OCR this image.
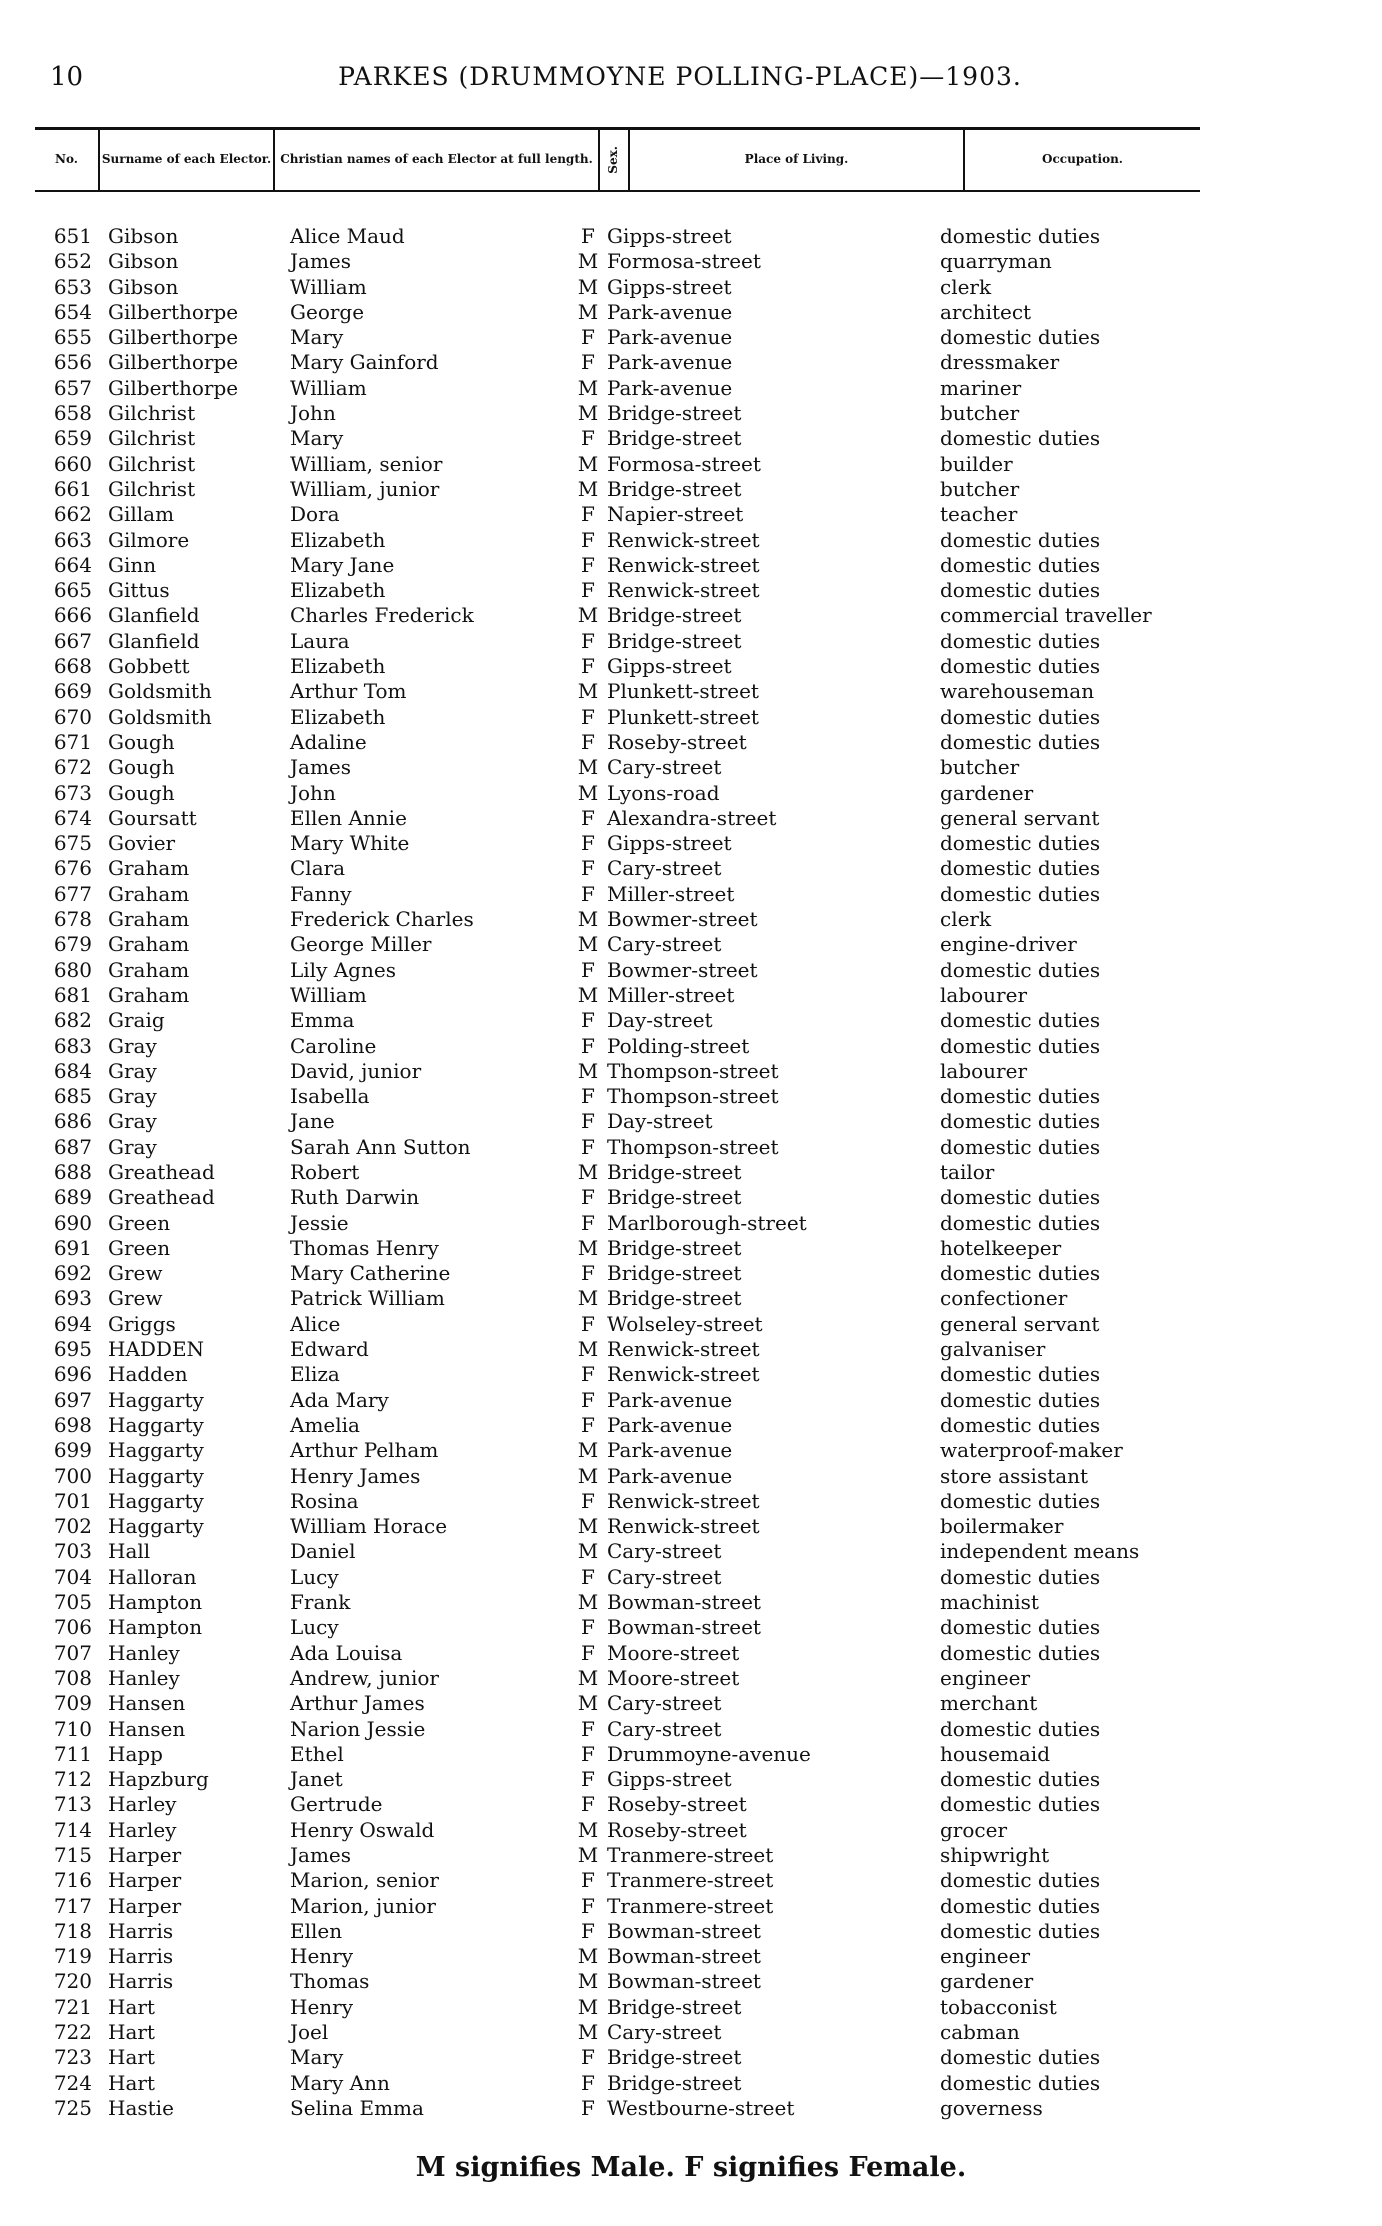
10	PARKES (DRUMMOYNE POLLING-PLACE)—1903.
No.	Surname of each Elector. Christian names of each Elector at full length.	Sex.	Place of Living.	Occupation.
651 Gibson	Alice Maud	F Gipps-street	domestic duties
652 Gibson	James	M Formosa-street	quarryman
653 Gibson	William	M Gipps-street	clerk
654 Gilberthorpe	George	M Park-avenue	architect
655 Gilberthorpe	Mary	F Park-avenue	domestic duties
656 Gilberthorpe	Mary Gainford	F Park-avenue	dressmaker
657 Gilberthorpe	William	M Park-avenue	mariner
658 Gilchrist	John	M Bridge-street	butcher
659 Gilchrist	Mary	F Bridge-street	domestic duties
660 Gilchrist	William, senior	M Formosa-street	builder
661 Gilchrist	William, junior	M Bridge-street	butcher
662 Gillam	Dora	F Napier-street	teacher
663 Gilmore	Elizabeth	F Renwick-street	domestic duties
664 Ginn	Mary Jane	F Renwick-street	domestic duties
665 Gittus	Elizabeth	F Renwick-street	domestic duties
666 Glanfield	Charles Frederick	M Bridge-street	commercial traveller
667 Glanfield	Laura	F Bridge-street	domestic duties
668 Gobbett	Elizabeth	F Gipps-street	domestic duties
669 Goldsmith	Arthur Tom	M Plunkett-street	warehouseman
670 Goldsmith	Elizabeth	F Plunkett-street	domestic duties
671 Gough	Adaline	F Roseby-street	domestic duties
672 Gough	James	M Cary-street	butcher
673 Gough	John	M Lyons-road	gardener
674 Goursatt	Ellen Annie	F Alexandra-street	general servant
675 Govier	Mary White	F Gipps-street	domestic duties
676 Graham	Clara	F Cary-street	domestic duties
677 Graham	Fanny	F Miller-street	domestic duties
678 Graham	Frederick Charles	M Bowmer-street	clerk
679 Graham	George Miller	M Cary-street	engine-driver
680 Graham	Lily Agnes	F Bowmer-street	domestic duties
681 Graham	William	M Miller-street	labourer
682 Graig	Emma	F Day-street	domestic duties
683 Gray	Caroline	F Polding-street	domestic duties
684 Gray	David, junior	M Thompson-street	labourer
685 Gray	Isabella	F Thompson-street	domestic duties
686 Gray	Jane	F Day-street	domestic duties
687 Gray	Sarah Ann Sutton	F Thompson-street	domestic duties
688 Greathead	Robert	M Bridge-street	tailor
689 Greathead	Ruth Darwin	F Bridge-street	domestic duties
690 Green	Jessie	F Marlborough-street	domestic duties
691 Green	Thomas Henry	M Bridge-street	hotelkeeper
692 Grew	Mary Catherine	F Bridge-street	domestic duties
693 Grew	Patrick William	M Bridge-street	confectioner
694 Griggs	Alice	F Wolseley-street	general servant
695 HADDEN	Edward	M Renwick-street	galvaniser
696 Hadden	Eliza	F Renwick-street	domestic duties
697 Haggarty	Ada Mary	F Park-avenue	domestic duties
698 Haggarty	Amelia	F Park-avenue	domestic duties
699 Haggarty	Arthur Pelham	M Park-avenue	waterproof-maker
700 Haggarty	Henry James	M Park-avenue	store assistant
701 Haggarty	Rosina	F Renwick-street	domestic duties
702 Haggarty	William Horace	M Renwick-street	boilermaker
703 Hall	Daniel	M Cary-street	independent means
704 Halloran	Lucy	F Cary-street	domestic duties
705 Hampton	Frank	M Bowman-street	machinist
706 Hampton	Lucy	F Bowman-street	domestic duties
707 Hanley	Ada Louisa	F Moore-street	domestic duties
708 Hanley	Andrew, junior	M Moore-street	engineer
709 Hansen	Arthur James	M Cary-street	merchant
710 Hansen	Narion Jessie	F Cary-street	domestic duties
711 Happ	Ethel	F Drummoyne-avenue	housemaid
712 Hapzburg	Janet	F Gipps-street	domestic duties
713 Harley	Gertrude	F Roseby-street	domestic duties
714 Harley	Henry Oswald	M Roseby-street	grocer
715 Harper	James	M Tranmere-street	shipwright
716 Harper	Marion, senior	F Tranmere-street	domestic duties
717 Harper	Marion, junior	F Tranmere-street	domestic duties
718 Harris	Ellen	F Bowman-street	domestic duties
719 Harris	Henry	M Bowman-street	engineer
720 Harris	Thomas	M Bowman-street	gardener
721 Hart	Henry	M Bridge-street	tobacconist
722 Hart	Joel	M Cary-street	cabman
723 Hart	Mary	F Bridge-street	domestic duties
724 Hart	Mary Ann	F Bridge-street	domestic duties
725 Hastie	Selina Emma	F Westbourne-street	governess
M signifies Male. F signifies Female.
